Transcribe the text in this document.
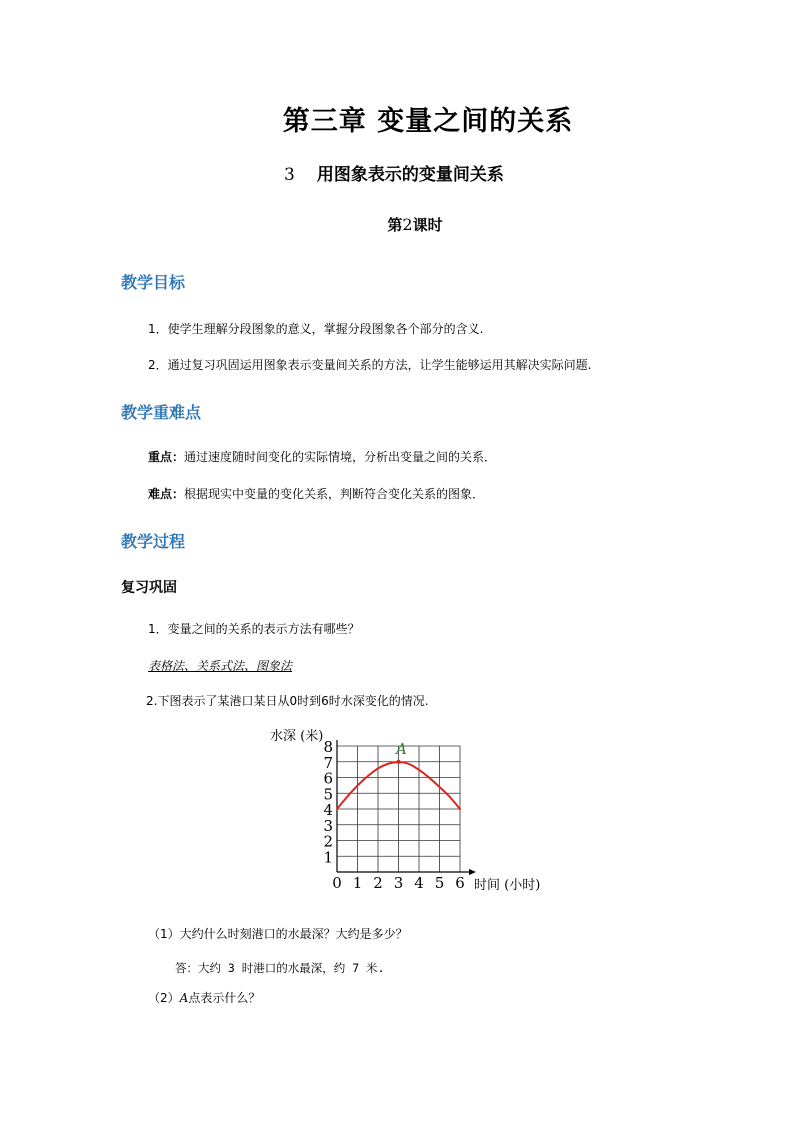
第三章 变量之间的关系
3 用图象表示的变量间关系
第2课时
教学目标
1．使学生理解分段图象的意义，掌握分段图象各个部分的含义.
2．通过复习巩固运用图象表示变量间关系的方法，让学生能够运用其解决实际问题.
教学重难点
重点：通过速度随时间变化的实际情境，分析出变量之间的关系．
难点：根据现实中变量的变化关系，判断符合变化关系的图象．
教学过程
复习巩固
1．变量之间的关系的表示方法有哪些？
表格法、关系式法、图象法
2.下图表示了某港口某日从0时到6时水深变化的情况.
0 1 2 3 4 5 6
1
2
3
4
5
6
7
8
水深 (米)
时间 (小时)
A
（1）大约什么时刻港口的水最深？大约是多少？
答：大约 3 时港口的水最深，约 7 米.
（2）A点表示什么？
